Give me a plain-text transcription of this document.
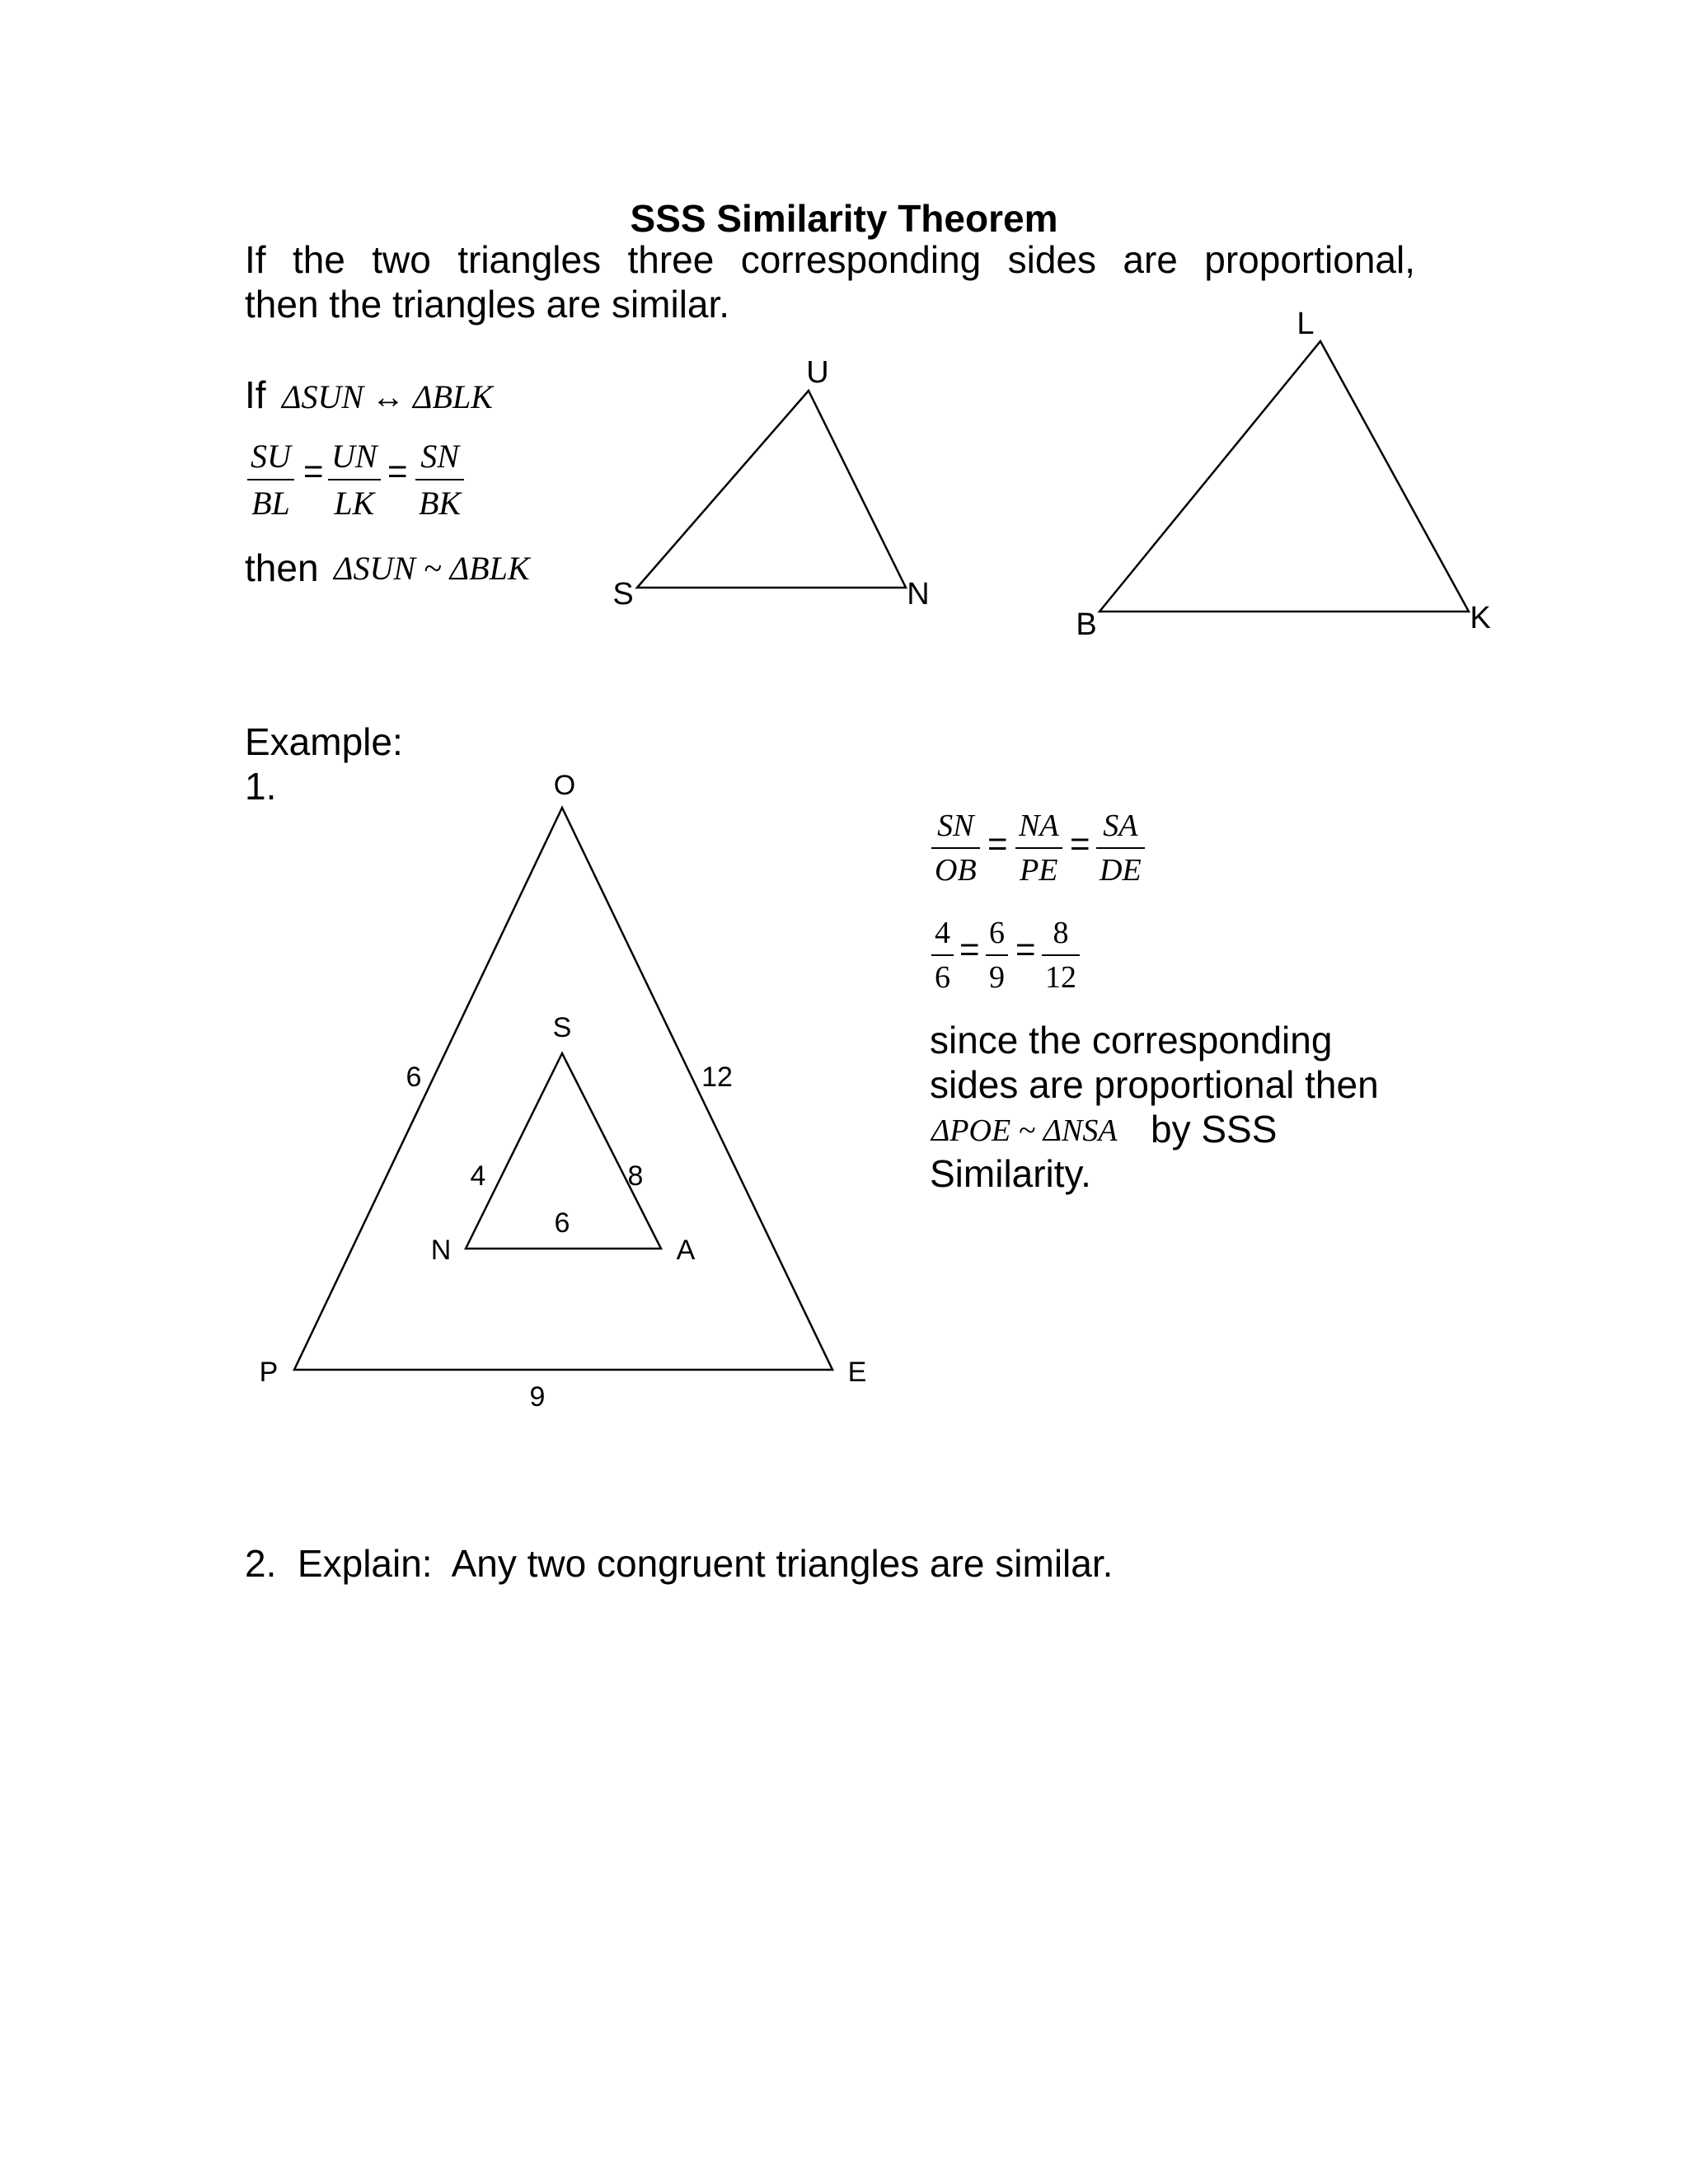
SSS Similarity Theorem
If the two triangles three corresponding sides are proportional,
then the triangles are similar.
If ΔSUN ↔ ΔBLK
$\frac{SU}{BL} = \frac{UN}{LK} = \frac{SN}{BK}$
then ΔSUN ~ ΔBLK
U
S	N
L
B	K
O
P	E
6	12
9
S
N	A
4	8
6
Example:
1.
$\frac{SN}{OB} = \frac{NA}{PE} = \frac{SA}{DE}$
$\frac{4}{6} = \frac{6}{9} = \frac{8}{12}$
since the corresponding
sides are proportional then
ΔPOE ~ ΔNSA by SSS
Similarity.
2.  Explain:  Any two congruent triangles are similar.
